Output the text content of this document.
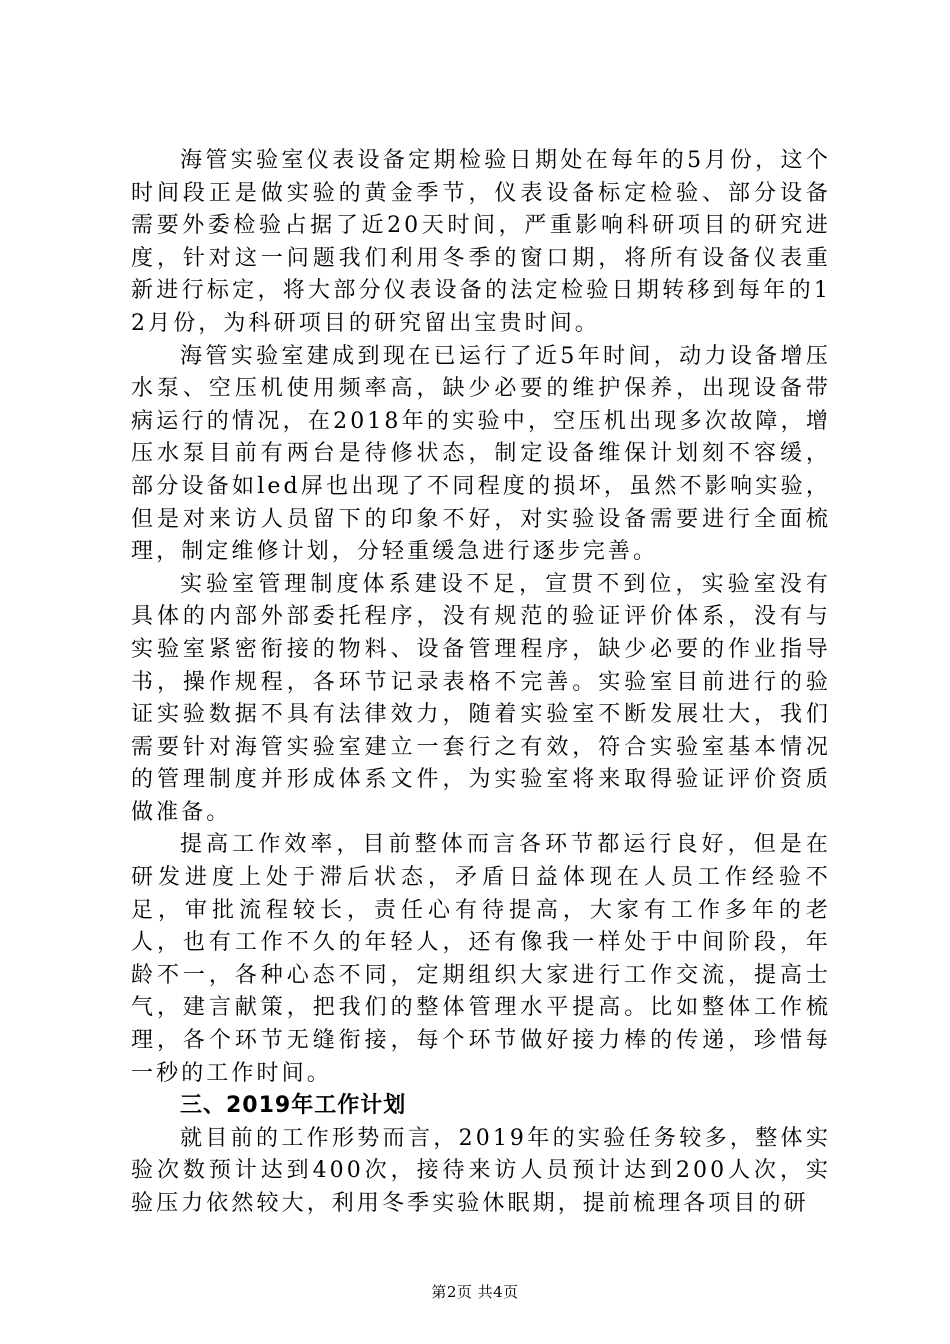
海管实验室仪表设备定期检验日期处在每年的5月份，这个时间段正是做实验的黄金季节，仪表设备标定检验、部分设备需要外委检验占据了近20天时间，严重影响科研项目的研究进度，针对这一问题我们利用冬季的窗口期，将所有设备仪表重新进行标定，将大部分仪表设备的法定检验日期转移到每年的12月份，为科研项目的研究留出宝贵时间。

海管实验室建成到现在已运行了近5年时间，动力设备增压水泵、空压机使用频率高，缺少必要的维护保养，出现设备带病运行的情况，在2018年的实验中，空压机出现多次故障，增压水泵目前有两台是待修状态，制定设备维保计划刻不容缓，部分设备如led屏也出现了不同程度的损坏，虽然不影响实验，但是对来访人员留下的印象不好，对实验设备需要进行全面梳理，制定维修计划，分轻重缓急进行逐步完善。

实验室管理制度体系建设不足，宣贯不到位，实验室没有具体的内部外部委托程序，没有规范的验证评价体系，没有与实验室紧密衔接的物料、设备管理程序，缺少必要的作业指导书，操作规程，各环节记录表格不完善。实验室目前进行的验证实验数据不具有法律效力，随着实验室不断发展壮大，我们需要针对海管实验室建立一套行之有效，符合实验室基本情况的管理制度并形成体系文件，为实验室将来取得验证评价资质做准备。

提高工作效率，目前整体而言各环节都运行良好，但是在研发进度上处于滞后状态，矛盾日益体现在人员工作经验不足，审批流程较长，责任心有待提高，大家有工作多年的老人，也有工作不久的年轻人，还有像我一样处于中间阶段，年龄不一，各种心态不同，定期组织大家进行工作交流，提高士气，建言献策，把我们的整体管理水平提高。比如整体工作梳理，各个环节无缝衔接，每个环节做好接力棒的传递，珍惜每一秒的工作时间。

三、2019年工作计划

就目前的工作形势而言，2019年的实验任务较多，整体实验次数预计达到400次，接待来访人员预计达到200人次，实验压力依然较大，利用冬季实验休眠期，提前梳理各项目的研

第2页 共4页
